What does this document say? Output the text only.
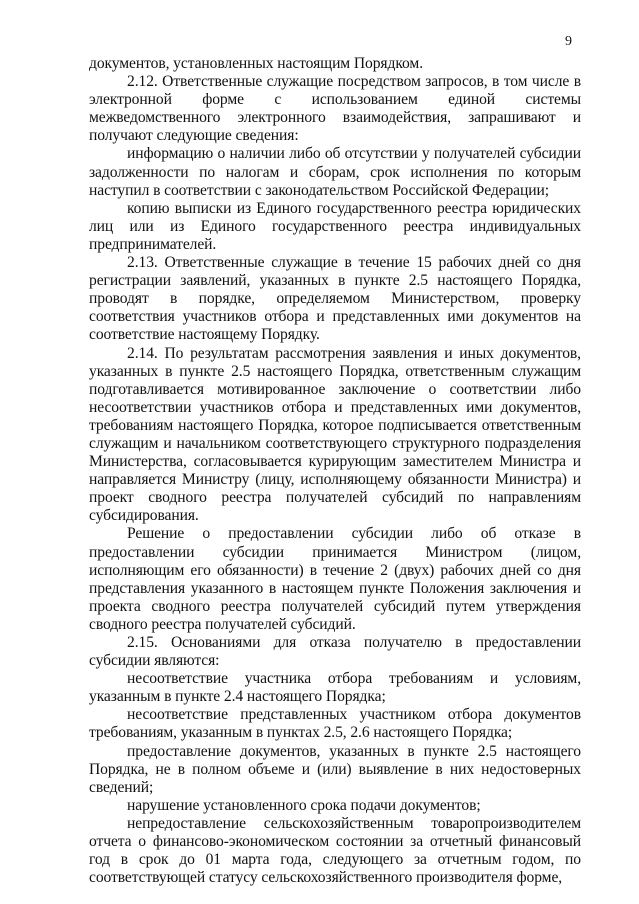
9

документов, установленных настоящим Порядком.

2.12. Ответственные служащие посредством запросов, в том числе в электронной форме с использованием единой системы межведомственного электронного взаимодействия, запрашивают и получают следующие сведения:

информацию о наличии либо об отсутствии у получателей субсидии задолженности по налогам и сборам, срок исполнения по которым наступил в соответствии с законодательством Российской Федерации;

копию выписки из Единого государственного реестра юридических лиц или из Единого государственного реестра индивидуальных предпринимателей.

2.13. Ответственные служащие в течение 15 рабочих дней со дня регистрации заявлений, указанных в пункте 2.5 настоящего Порядка, проводят в порядке, определяемом Министерством, проверку соответствия участников отбора и представленных ими документов на соответствие настоящему Порядку.

2.14. По результатам рассмотрения заявления и иных документов, указанных в пункте 2.5 настоящего Порядка, ответственным служащим подготавливается мотивированное заключение о соответствии либо несоответствии участников отбора и представленных ими документов, требованиям настоящего Порядка, которое подписывается ответственным служащим и начальником соответствующего структурного подразделения Министерства, согласовывается курирующим заместителем Министра и направляется Министру (лицу, исполняющему обязанности Министра) и проект сводного реестра получателей субсидий по направлениям субсидирования.

Решение о предоставлении субсидии либо об отказе в предоставлении субсидии принимается Министром (лицом, исполняющим его обязанности) в течение 2 (двух) рабочих дней со дня представления указанного в настоящем пункте Положения заключения и проекта сводного реестра получателей субсидий путем утверждения сводного реестра получателей субсидий.

2.15. Основаниями для отказа получателю в предоставлении субсидии являются:

несоответствие участника отбора требованиям и условиям, указанным в пункте 2.4 настоящего Порядка;

несоответствие представленных участником отбора документов требованиям, указанным в пунктах 2.5, 2.6 настоящего Порядка;

предоставление документов, указанных в пункте 2.5 настоящего Порядка, не в полном объеме и (или) выявление в них недостоверных сведений;

нарушение установленного срока подачи документов;

непредоставление сельскохозяйственным товаропроизводителем отчета о финансово-экономическом состоянии за отчетный финансовый год в срок до 01 марта года, следующего за отчетным годом, по соответствующей статусу сельскохозяйственного производителя форме,
